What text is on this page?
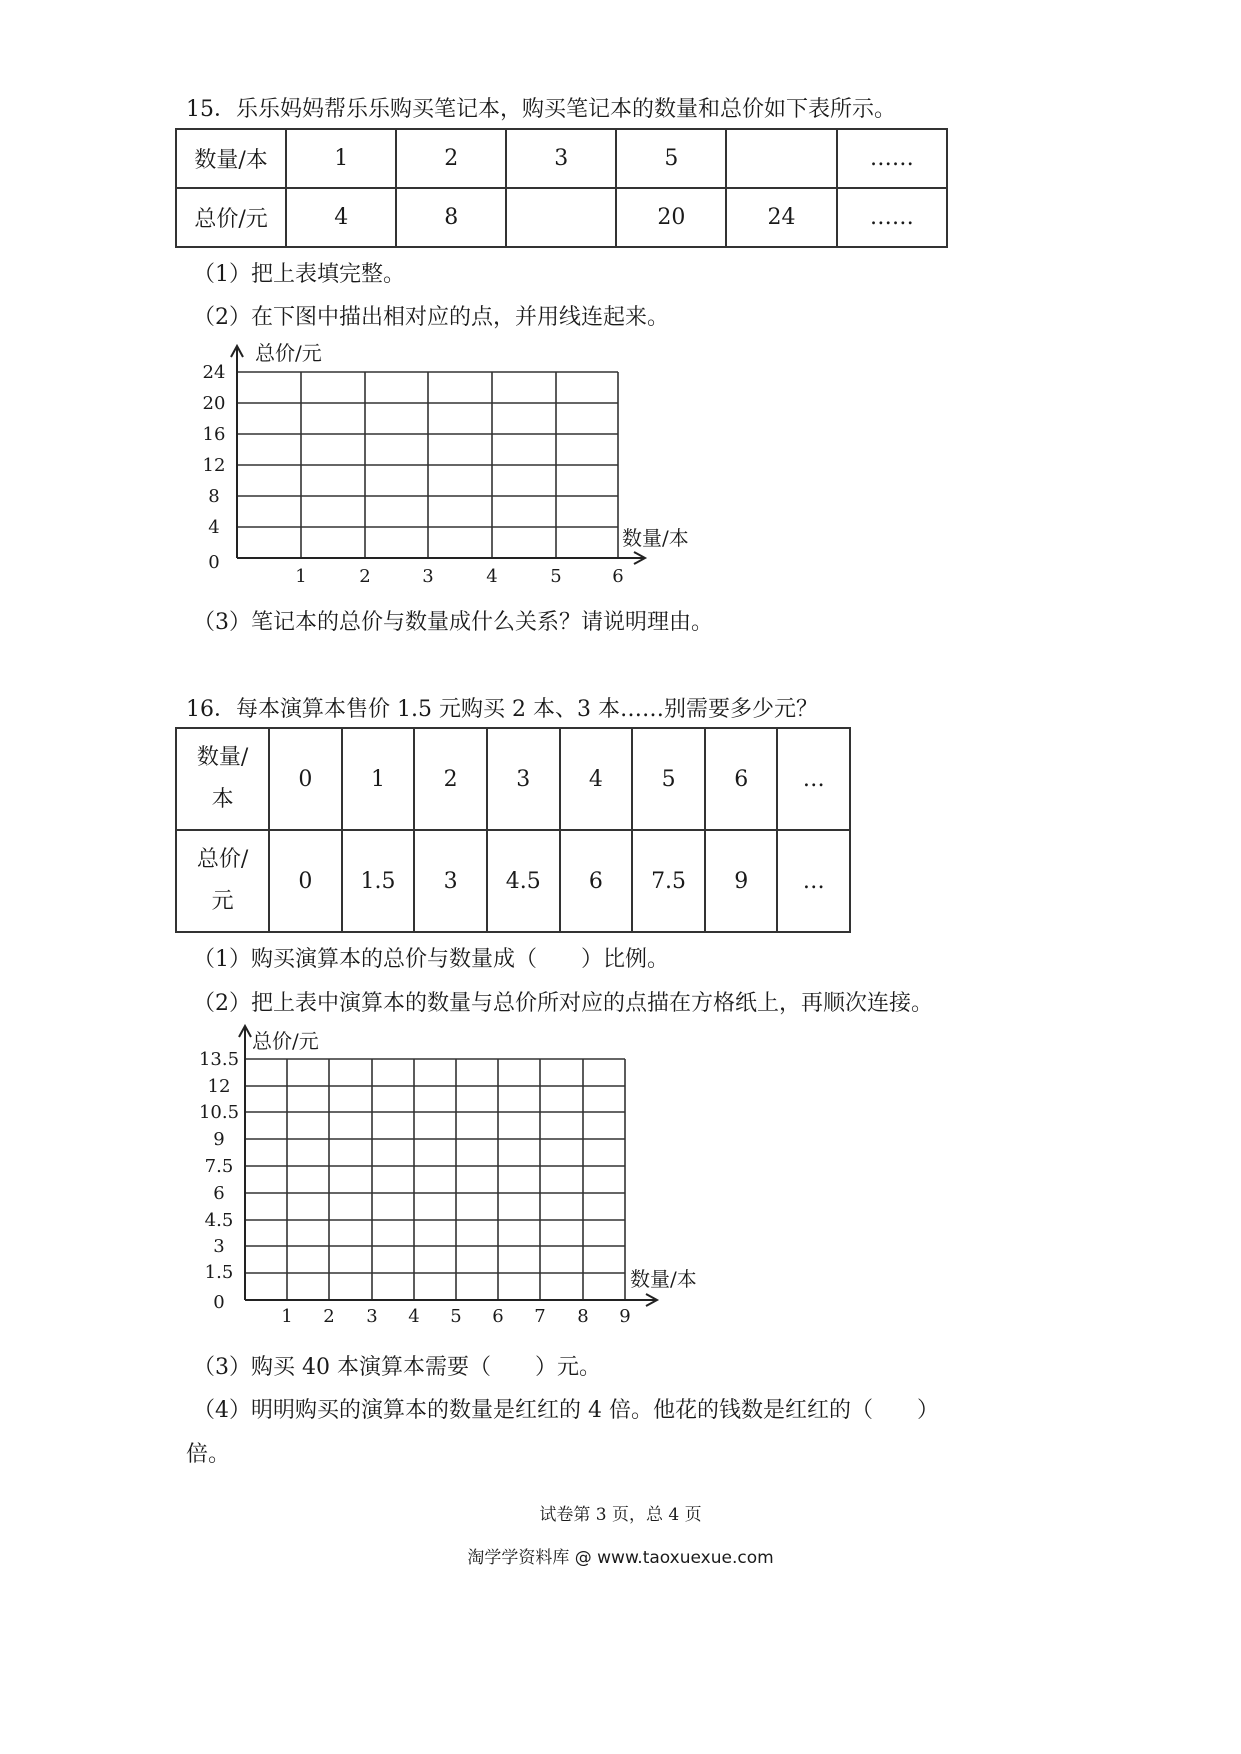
15．乐乐妈妈帮乐乐购买笔记本，购买笔记本的数量和总价如下表所示。
数量/本	1	2	3	5		……
总价/元	4	8		20	24	……
（1）把上表填完整。
（2）在下图中描出相对应的点，并用线连起来。
总价/元
数量/本
24
20
16
12
8
4
0
1	2	3	4	5	6
（3）笔记本的总价与数量成什么关系？请说明理由。
16．每本演算本售价 1.5 元购买 2 本、3 本……别需要多少元？
数量/
本	0	1	2	3	4	5	6	…
总价/
元	0	1.5	3	4.5	6	7.5	9	…
（1）购买演算本的总价与数量成（　　）比例。
（2）把上表中演算本的数量与总价所对应的点描在方格纸上，再顺次连接。
总价/元
数量/本
13.5
12
10.5
9
7.5
6
4.5
3
1.5
0
1 2 3 4 5 6 7 8 9
（3）购买 40 本演算本需要（　　）元。
（4）明明购买的演算本的数量是红红的 4 倍。他花的钱数是红红的（　　）
倍。
试卷第 3 页，总 4 页
淘学学资料库 @ www.taoxuexue.com
